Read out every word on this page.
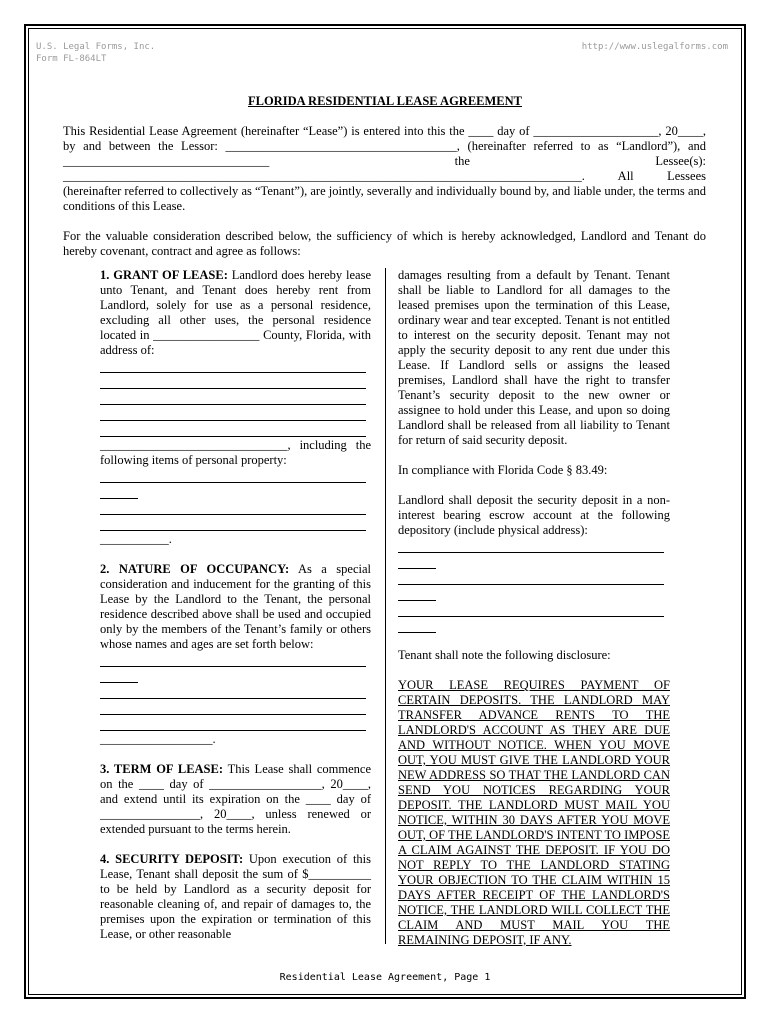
U.S. Legal Forms, Inc.
Form FL-864LT
http://www.uslegalforms.com
FLORIDA RESIDENTIAL LEASE AGREEMENT

This Residential Lease Agreement (hereinafter “Lease”) is entered into this the ____ day of ____________________, 20____, by and between the Lessor: _____________________________________, (hereinafter referred to as “Landlord”), and _________________________________ the Lessee(s): ___________________________________________________________________________________. All Lessees (hereinafter referred to collectively as “Tenant”), are jointly, severally and individually bound by, and liable under, the terms and conditions of this Lease.

For the valuable consideration described below, the sufficiency of which is hereby acknowledged, Landlord and Tenant do hereby covenant, contract and agree as follows:

1. GRANT OF LEASE: Landlord does hereby lease unto Tenant, and Tenant does hereby rent from Landlord, solely for use as a personal residence, excluding all other uses, the personal residence located in _________________ County, Florida, with address of:

______________________________, including the following items of personal property:

___________.

2. NATURE OF OCCUPANCY: As a special consideration and inducement for the granting of this Lease by the Landlord to the Tenant, the personal residence described above shall be used and occupied only by the members of the Tenant’s family or others whose names and ages are set forth below:

__________________.

3. TERM OF LEASE: This Lease shall commence on the ____ day of __________________, 20____, and extend until its expiration on the ____ day of ________________, 20____, unless renewed or extended pursuant to the terms herein.

4. SECURITY DEPOSIT: Upon execution of this Lease, Tenant shall deposit the sum of $__________ to be held by Landlord as a security deposit for reasonable cleaning of, and repair of damages to, the premises upon the expiration or termination of this Lease, or other reasonable

damages resulting from a default by Tenant. Tenant shall be liable to Landlord for all damages to the leased premises upon the termination of this Lease, ordinary wear and tear excepted. Tenant is not entitled to interest on the security deposit. Tenant may not apply the security deposit to any rent due under this Lease. If Landlord sells or assigns the leased premises, Landlord shall have the right to transfer Tenant’s security deposit to the new owner or assignee to hold under this Lease, and upon so doing Landlord shall be released from all liability to Tenant for return of said security deposit.

In compliance with Florida Code § 83.49:

Landlord shall deposit the security deposit in a non-interest bearing escrow account at the following depository (include physical address):

Tenant shall note the following disclosure:

YOUR LEASE REQUIRES PAYMENT OF CERTAIN DEPOSITS. THE LANDLORD MAY TRANSFER ADVANCE RENTS TO THE LANDLORD'S ACCOUNT AS THEY ARE DUE AND WITHOUT NOTICE. WHEN YOU MOVE OUT, YOU MUST GIVE THE LANDLORD YOUR NEW ADDRESS SO THAT THE LANDLORD CAN SEND YOU NOTICES REGARDING YOUR DEPOSIT. THE LANDLORD MUST MAIL YOU NOTICE, WITHIN 30 DAYS AFTER YOU MOVE OUT, OF THE LANDLORD'S INTENT TO IMPOSE A CLAIM AGAINST THE DEPOSIT. IF YOU DO NOT REPLY TO THE LANDLORD STATING YOUR OBJECTION TO THE CLAIM WITHIN 15 DAYS AFTER RECEIPT OF THE LANDLORD'S NOTICE, THE LANDLORD WILL COLLECT THE CLAIM AND MUST MAIL YOU THE REMAINING DEPOSIT, IF ANY.

Residential Lease Agreement, Page 1
